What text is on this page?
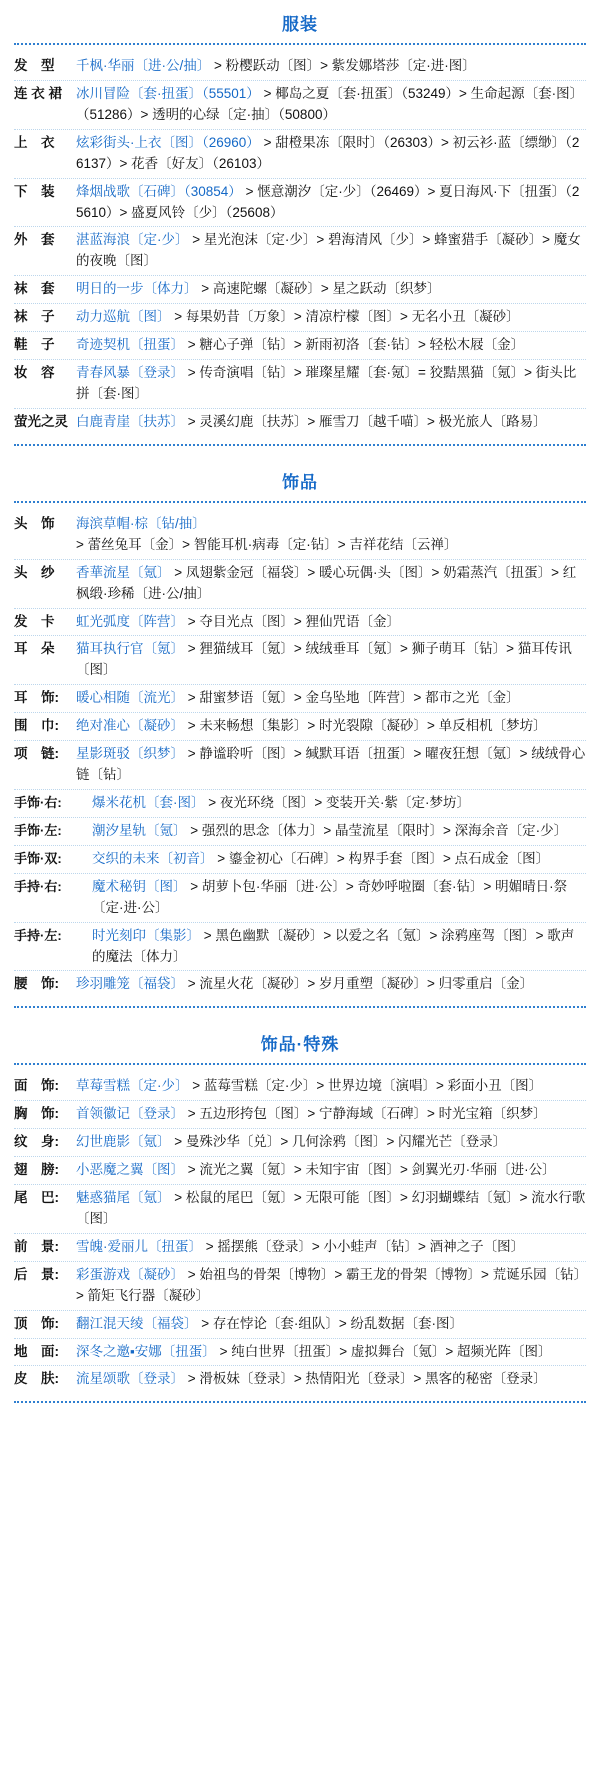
服装
发　型	千枫·华丽〔进·公/抽〕 > 粉樱跃动〔图〕> 紫发娜塔莎〔定·进·图〕
连 衣 裙	冰川冒险〔套·扭蛋〕（55501） > 椰岛之夏〔套·扭蛋〕（53249）> 生命起源〔套·图〕（51286）> 透明的心绿〔定·抽〕（50800）
上　衣	炫彩街头·上衣〔图〕（26960） > 甜橙果冻〔限时〕（26303）> 初云衫·蓝〔缥缈〕（26137）> 花香〔好友〕（26103）
下　装	烽烟战歌〔石碑〕（30854） > 惬意潮汐〔定·少〕（26469）> 夏日海风·下〔扭蛋〕（25610）> 盛夏风铃〔少〕（25608）
外　套	湛蓝海浪〔定·少〕 > 星光泡沫〔定·少〕> 碧海清风〔少〕> 蜂蜜猎手〔凝砂〕> 魔女的夜晚〔图〕
袜　套	明日的一步〔体力〕 > 高速陀螺〔凝砂〕> 星之跃动〔织梦〕
袜　子	动力巡航〔图〕 > 每果奶昔〔万象〕> 清凉柠檬〔图〕> 无名小丑〔凝砂〕
鞋　子	奇迹契机〔扭蛋〕 > 糖心子弹〔钻〕> 新雨初洛〔套·钻〕> 轻松木屐〔金〕
妆　容	青春风暴〔登录〕 > 传奇演唱〔钻〕> 璀璨星耀〔套·氪〕= 狡黠黑猫〔氪〕> 街头比拼〔套·图〕
萤光之灵 白鹿青崖〔扶苏〕 > 灵溪幻鹿〔扶苏〕> 雁雪刀〔越千喵〕> 极光旅人〔路易〕
饰品
头　饰	海滨草帽·棕〔钻/抽〕 > 蕾丝兔耳〔金〕> 智能耳机·病毒〔定·钻〕> 吉祥花结〔云禅〕
头　纱	香華流星〔氪〕 > 凤翅紫金冠〔福袋〕> 暖心玩偶·头〔图〕> 奶霜蒸汽〔扭蛋〕> 红枫缎·珍稀〔进·公/抽〕
发　卡	虹光弧度〔阵营〕 > 夺目光点〔图〕> 狸仙咒语〔金〕
耳　朵	猫耳执行官〔氪〕 > 狸猫绒耳〔氪〕> 绒绒垂耳〔氪〕> 狮子萌耳〔钻〕> 猫耳传讯〔图〕
耳　饰:	暖心相随〔流光〕 > 甜蜜梦语〔氪〕> 金乌坠地〔阵营〕> 都市之光〔金〕
围　巾:	绝对准心〔凝砂〕 > 未来畅想〔集影〕> 时光裂隙〔凝砂〕> 单反相机〔梦坊〕
项　链:	星影斑驳〔织梦〕 > 静谧聆听〔图〕> 缄默耳语〔扭蛋〕> 曜夜狂想〔氪〕> 绒绒骨心链〔钻〕
手饰·右:	爆米花机〔套·图〕 > 夜光环绕〔图〕> 变装开关·紫〔定·梦坊〕
手饰·左:	潮汐星轨〔氪〕 > 强烈的思念〔体力〕> 晶莹流星〔限时〕> 深海余音〔定·少〕
手饰·双:	交织的未来〔初音〕 > 鎏金初心〔石碑〕> 构界手套〔图〕> 点石成金〔图〕
手持·右:	魔术秘钥〔图〕 > 胡萝卜包·华丽〔进·公〕> 奇妙呼啦圈〔套·钻〕> 明媚晴日·祭〔定·进·公〕
手持·左:	时光刻印〔集影〕 > 黑色幽默〔凝砂〕> 以爱之名〔氪〕> 涂鸦座驾〔图〕> 歌声的魔法〔体力〕
腰　饰:	珍羽雕笼〔福袋〕 > 流星火花〔凝砂〕> 岁月重塑〔凝砂〕> 归零重启〔金〕
饰品·特殊
面　饰:	草莓雪糕〔定·少〕 > 蓝莓雪糕〔定·少〕> 世界边境〔演唱〕> 彩面小丑〔图〕
胸　饰:	首领徽记〔登录〕 > 五边形挎包〔图〕> 宁静海域〔石碑〕> 时光宝箱〔织梦〕
纹　身:	幻世鹿影〔氪〕 > 曼殊沙华〔兑〕> 几何涂鸦〔图〕> 闪耀光芒〔登录〕
翅　膀:	小恶魔之翼〔图〕 > 流光之翼〔氪〕> 未知宇宙〔图〕> 剑翼光刃·华丽〔进·公〕
尾　巴:	魅惑猫尾〔氪〕 > 松鼠的尾巴〔氪〕> 无限可能〔图〕> 幻羽蝴蝶结〔氪〕> 流水行歌〔图〕
前　景:	雪魄·爱丽儿〔扭蛋〕 > 摇摆熊〔登录〕> 小小蛙声〔钻〕> 酒神之子〔图〕
后　景:	彩蛋游戏〔凝砂〕 > 始祖鸟的骨架〔博物〕> 霸王龙的骨架〔博物〕> 荒诞乐园〔钻〕> 箭矩飞行器〔凝砂〕
顶　饰:	翻江混天绫〔福袋〕 > 存在悖论〔套·组队〕> 纷乱数据〔套·图〕
地　面:	深冬之邀▪安娜〔扭蛋〕 > 纯白世界〔扭蛋〕> 虚拟舞台〔氪〕> 超频光阵〔图〕
皮　肤:	流星颂歌〔登录〕 > 滑板妹〔登录〕> 热情阳光〔登录〕> 黑客的秘密〔登录〕
